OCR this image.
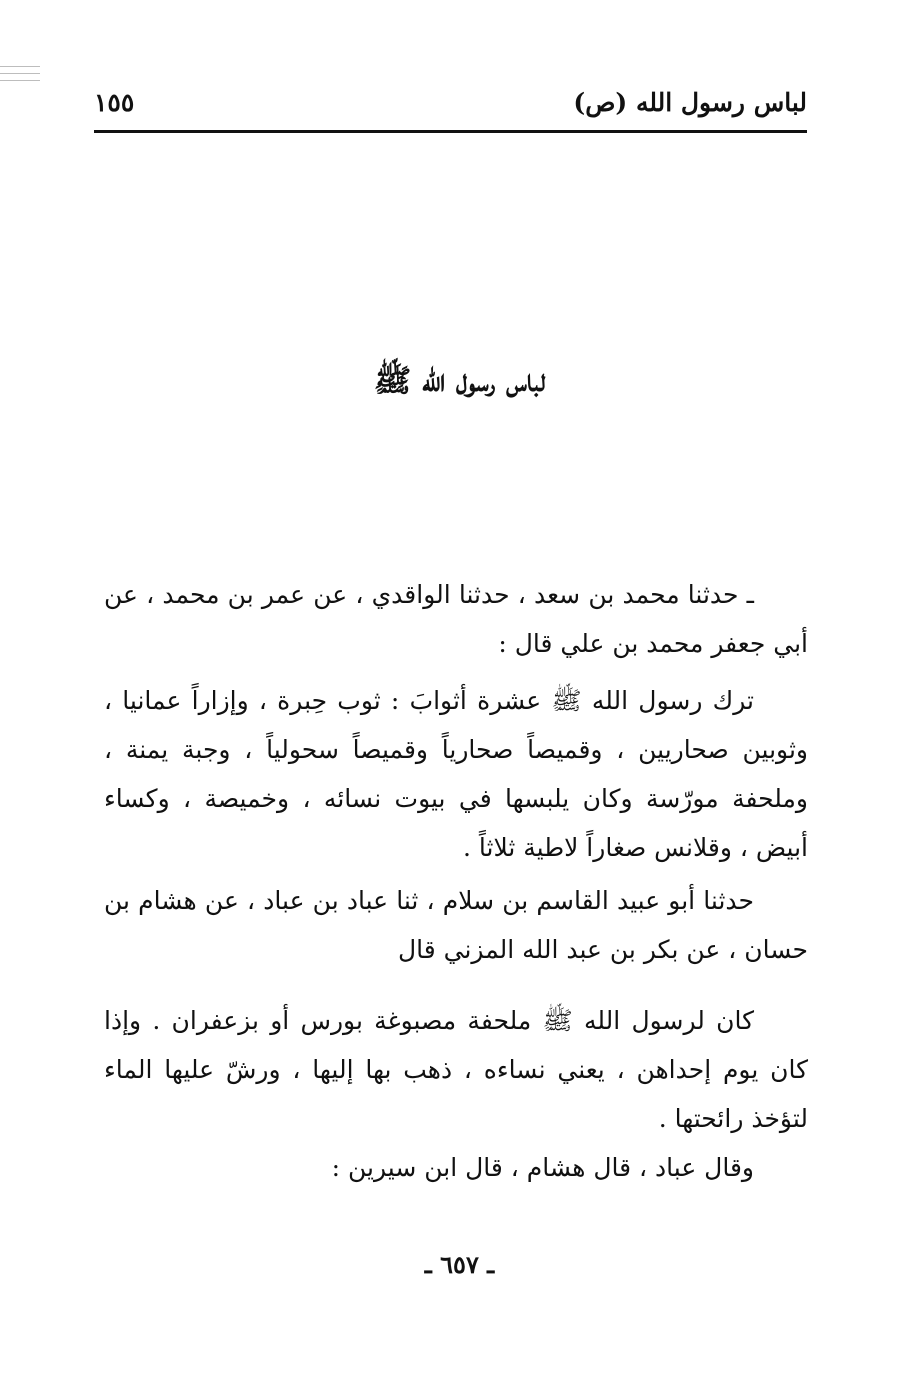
لباس رسول الله (ص)
١٥٥
لباس رسول الله ﷺ

ـ حدثنا محمد بن سعد ، حدثنا الواقدي ، عن عمر بن محمد ، عن أبي جعفر محمد بن علي قال :

ترك رسول الله ﷺ عشرة أثوابَ : ثوب حِبرة ، وإزاراً عمانيا ، وثوبين صحاريين ، وقميصاً صحارياً وقميصاً سحولياً ، وجبة يمنة ، وملحفة مورّسة وكان يلبسها في بيوت نسائه ، وخميصة ، وكساء أبيض ، وقلانس صغاراً لاطية ثلاثاً .

حدثنا أبو عبيد القاسم بن سلام ، ثنا عباد بن عباد ، عن هشام بن حسان ، عن بكر بن عبد الله المزني قال

كان لرسول الله ﷺ ملحفة مصبوغة بورس أو بزعفران . وإذا كان يوم إحداهن ، يعني نساءه ، ذهب بها إليها ، ورشّ عليها الماء لتؤخذ رائحتها .

وقال عباد ، قال هشام ، قال ابن سيرين :

ـ ٦٥٧ ـ
